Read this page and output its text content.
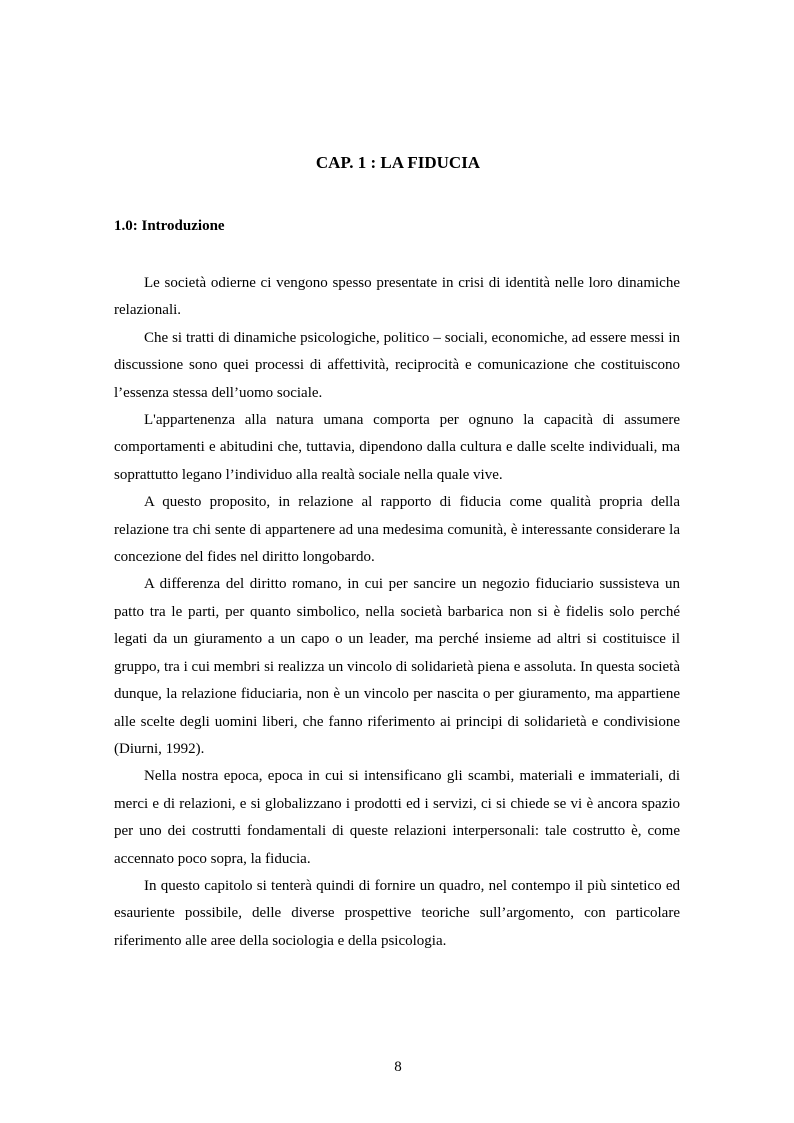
CAP. 1 : LA FIDUCIA
1.0: Introduzione

Le società odierne ci vengono spesso presentate in crisi di identità nelle loro dinamiche relazionali.

Che si tratti di dinamiche psicologiche, politico – sociali, economiche, ad essere messi in discussione sono quei processi di affettività, reciprocità e comunicazione che costituiscono l’essenza stessa dell’uomo sociale.

L'appartenenza alla natura umana comporta per ognuno la capacità di assumere comportamenti e abitudini che, tuttavia, dipendono dalla cultura e dalle scelte individuali, ma soprattutto legano l’individuo alla realtà sociale nella quale vive.

A questo proposito, in relazione al rapporto di fiducia come qualità propria della relazione tra chi sente di appartenere ad una medesima comunità, è interessante considerare la concezione del fides nel diritto longobardo.

A differenza del diritto romano, in cui per sancire un negozio fiduciario sussisteva un patto tra le parti, per quanto simbolico, nella società barbarica non si è fidelis solo perché legati da un giuramento a un capo o un leader, ma perché insieme ad altri si costituisce il gruppo, tra i cui membri si realizza un vincolo di solidarietà piena e assoluta. In questa società dunque, la relazione fiduciaria, non è un vincolo per nascita o per giuramento, ma appartiene alle scelte degli uomini liberi, che fanno riferimento ai principi di solidarietà e condivisione (Diurni, 1992).

Nella nostra epoca, epoca in cui si intensificano gli scambi, materiali e immateriali, di merci e di relazioni, e si globalizzano i prodotti ed i servizi, ci si chiede se vi è ancora spazio per uno dei costrutti fondamentali di queste relazioni interpersonali: tale costrutto è, come accennato poco sopra, la fiducia.

In questo capitolo si tenterà quindi di fornire un quadro, nel contempo il più sintetico ed esauriente possibile, delle diverse prospettive teoriche sull’argomento, con particolare riferimento alle aree della sociologia e della psicologia.

8
